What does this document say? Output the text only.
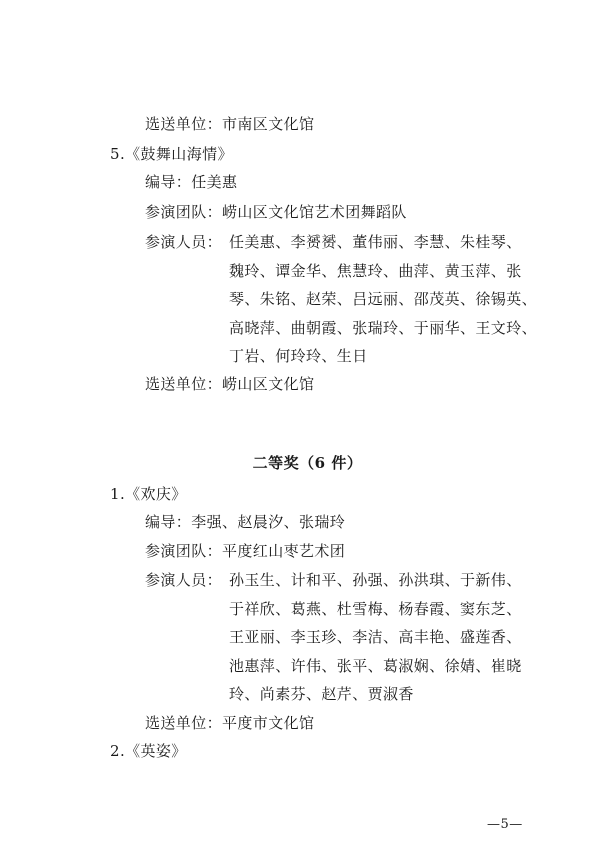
选送单位：市南区文化馆
5.《鼓舞山海情》
编导：任美惠
参演团队：崂山区文化馆艺术团舞蹈队
参演人员： 任美惠、李赟赟、董伟丽、李慧、朱桂琴、
魏玲、谭金华、焦慧玲、曲萍、黄玉萍、张
琴、朱铭、赵荣、吕远丽、邵茂英、徐锡英、
高晓萍、曲朝霞、张瑞玲、于丽华、王文玲、
丁岩、何玲玲、生日
选送单位：崂山区文化馆
二等奖（6 件）
1.《欢庆》
编导：李强、赵晨汐、张瑞玲
参演团队：平度红山枣艺术团
参演人员： 孙玉生、计和平、孙强、孙洪琪、于新伟、
于祥欣、葛燕、杜雪梅、杨春霞、窦东芝、
王亚丽、李玉珍、李洁、高丰艳、盛莲香、
池惠萍、许伟、张平、葛淑娴、徐婧、崔晓
玲、尚素芬、赵芹、贾淑香
选送单位：平度市文化馆
2.《英姿》
—5—
